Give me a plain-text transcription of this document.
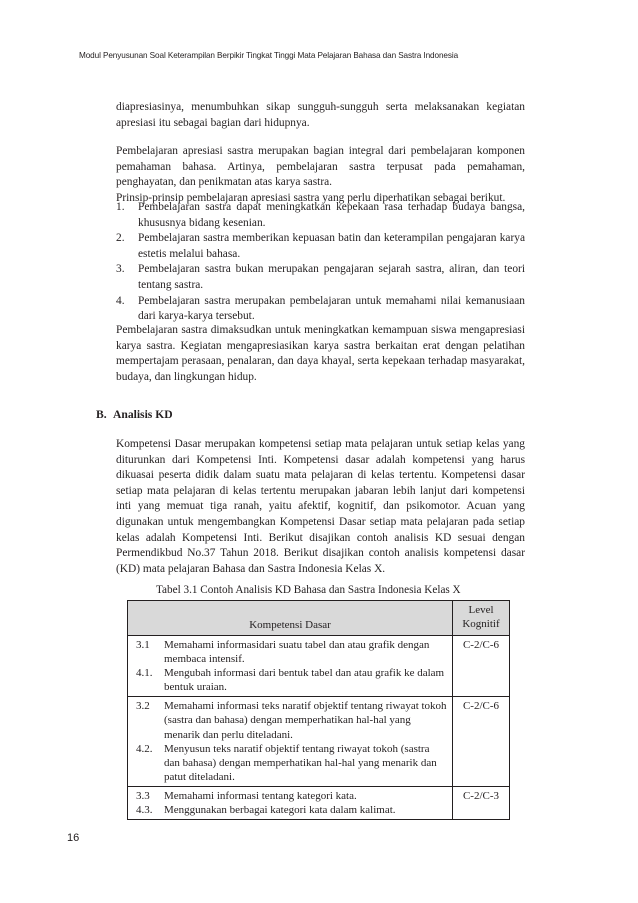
Modul Penyusunan Soal Keterampilan Berpikir Tingkat Tinggi Mata Pelajaran Bahasa dan Sastra Indonesia

diapresiasinya, menumbuhkan sikap sungguh-sungguh serta melaksanakan kegiatan apresiasi itu sebagai bagian dari hidupnya.

Pembelajaran apresiasi sastra merupakan bagian integral dari pembelajaran komponen pemahaman bahasa. Artinya, pembelajaran sastra terpusat pada pemahaman, penghayatan, dan penikmatan atas karya sastra.

Prinsip-prinsip pembelajaran apresiasi sastra yang perlu diperhatikan sebagai berikut.

1. Pembelajaran sastra dapat meningkatkan kepekaan rasa terhadap budaya bangsa, khususnya bidang kesenian.
2. Pembelajaran sastra memberikan kepuasan batin dan keterampilan pengajaran karya estetis melalui bahasa.
3. Pembelajaran sastra bukan merupakan pengajaran sejarah sastra, aliran, dan teori tentang sastra.
4. Pembelajaran sastra merupakan pembelajaran untuk memahami nilai kemanusiaan dari karya-karya tersebut.

Pembelajaran sastra dimaksudkan untuk meningkatkan kemampuan siswa mengapresiasi karya sastra. Kegiatan mengapresiasikan karya sastra berkaitan erat dengan pelatihan mempertajam perasaan, penalaran, dan daya khayal, serta kepekaan terhadap masyarakat, budaya, dan lingkungan hidup.

B. Analisis KD

Kompetensi Dasar merupakan kompetensi setiap mata pelajaran untuk setiap kelas yang diturunkan dari Kompetensi Inti. Kompetensi dasar adalah kompetensi yang harus dikuasai peserta didik dalam suatu mata pelajaran di kelas tertentu. Kompetensi dasar setiap mata pelajaran di kelas tertentu merupakan jabaran lebih lanjut dari kompetensi inti yang memuat tiga ranah, yaitu afektif, kognitif, dan psikomotor. Acuan yang digunakan untuk mengembangkan Kompetensi Dasar setiap mata pelajaran pada setiap kelas adalah Kompetensi Inti. Berikut disajikan contoh analisis KD sesuai dengan Permendikbud No.37 Tahun 2018. Berikut disajikan contoh analisis kompetensi dasar (KD) mata pelajaran Bahasa dan Sastra Indonesia Kelas X.

Tabel 3.1 Contoh Analisis KD Bahasa dan Sastra Indonesia Kelas X
Kompetensi Dasar	Level
Kognitif

3.1 Memahami informasidari suatu tabel dan atau grafik dengan membaca intensif.
4.1. Mengubah informasi dari bentuk tabel dan atau grafik ke dalam bentuk uraian.	C-2/C-6

3.2 Memahami informasi teks naratif objektif tentang riwayat tokoh (sastra dan bahasa) dengan memperhatikan hal-hal yang menarik dan perlu diteladani.
4.2. Menyusun teks naratif objektif tentang riwayat tokoh (sastra dan bahasa) dengan memperhatikan hal-hal yang menarik dan patut diteladani.	C-2/C-6

3.3 Memahami informasi tentang kategori kata.
4.3. Menggunakan berbagai kategori kata dalam kalimat.	C-2/C-3
16
